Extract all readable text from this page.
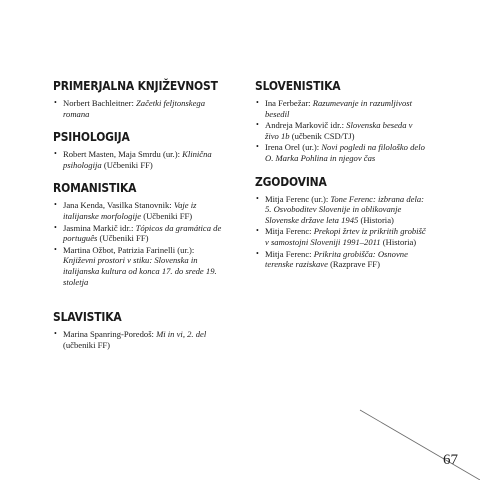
PRIMERJALNA KNJIŽEVNOST
• Norbert Bachleitner: Začetki feljtonskega romana
PSIHOLOGIJA
• Robert Masten, Maja Smrdu (ur.): Klinična psihologija (Učbeniki FF)
ROMANISTIKA
• Jana Kenda, Vasilka Stanovnik: Vaje iz italijanske morfologije (Učbeniki FF)
• Jasmina Markič idr.: Tópicos da gramática de português (Učbeniki FF)
• Martina Ožbot, Patrizia Farinelli (ur.): Književni prostori v stiku: Slovenska in italijanska kultura od konca 17. do srede 19. stoletja
SLAVISTIKA
• Marina Spanring-Poredoš: Mi in vi, 2. del (učbeniki FF)
SLOVENISTIKA
• Ina Ferbežar: Razumevanje in razumljivost besedil
• Andreja Markovič idr.: Slovenska beseda v živo 1b (učbenik CSD/TJ)
• Irena Orel (ur.): Novi pogledi na filološko delo O. Marka Pohlina in njegov čas
ZGODOVINA
• Mitja Ferenc (ur.): Tone Ferenc: izbrana dela: 5. Osvoboditev Slovenije in oblikovanje Slovenske države leta 1945 (Historia)
• Mitja Ferenc: Prekopi žrtev iz prikritih grobišč v samostojni Sloveniji 1991–2011 (Historia)
• Mitja Ferenc: Prikrita grobišča: Osnovne terenske raziskave (Razprave FF)
67
